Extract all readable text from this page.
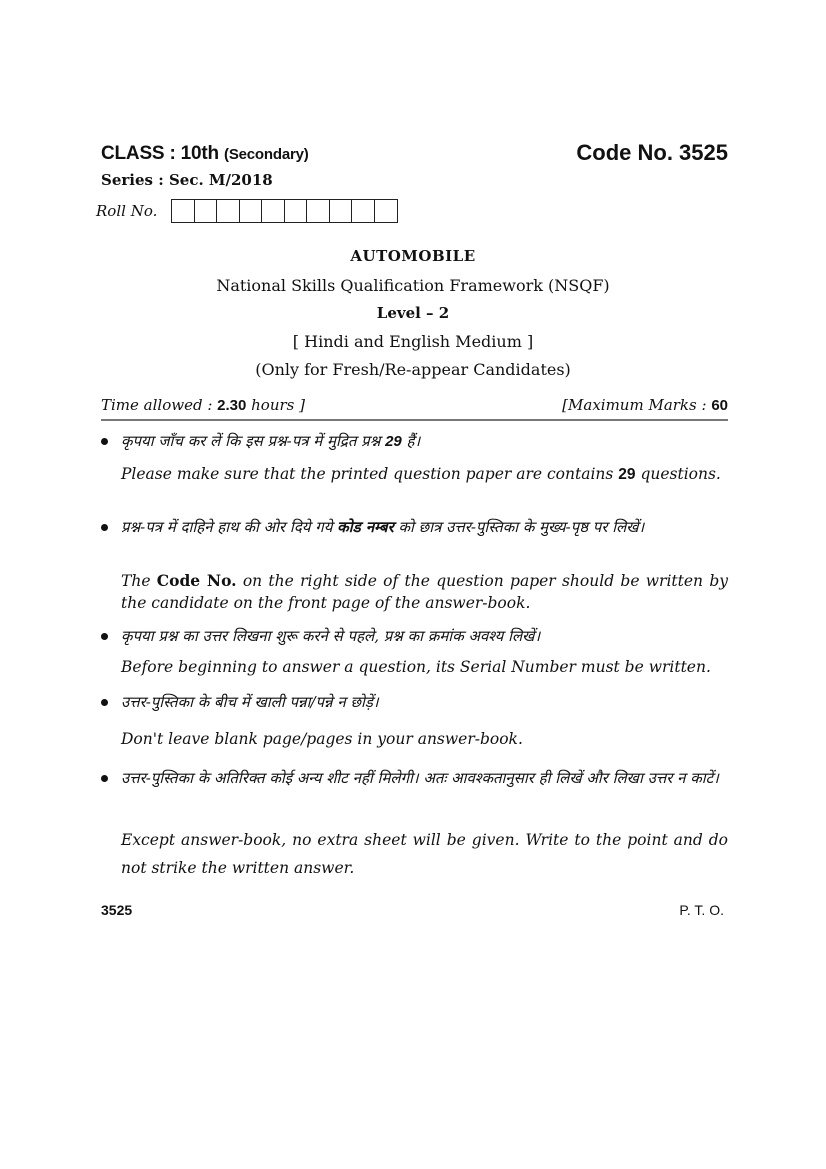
CLASS : 10th (Secondary)	Code No. 3525
Series : Sec. M/2018
Roll No.
AUTOMOBILE
National Skills Qualification Framework (NSQF)
Level – 2
[ Hindi and English Medium ]
(Only for Fresh/Re-appear Candidates)
Time allowed : 2.30 hours ]	[Maximum Marks : 60
कृपया जाँच कर लें कि इस प्रश्न-पत्र में मुद्रित प्रश्न 29 हैं।
Please make sure that the printed question paper are contains 29 questions.
प्रश्न-पत्र में दाहिने हाथ की ओर दिये गये कोड नम्बर को छात्र उत्तर-पुस्तिका के मुख्य-पृष्ठ पर लिखें।
The Code No. on the right side of the question paper should be written by the candidate on the front page of the answer-book.
कृपया प्रश्न का उत्तर लिखना शुरू करने से पहले, प्रश्न का क्रमांक अवश्य लिखें।
Before beginning to answer a question, its Serial Number must be written.
उत्तर-पुस्तिका के बीच में खाली पन्ना/पन्ने न छोड़ें।
Don't leave blank page/pages in your answer-book.
उत्तर-पुस्तिका के अतिरिक्त कोई अन्य शीट नहीं मिलेगी। अतः आवश्कतानुसार ही लिखें और लिखा उत्तर न काटें।
Except answer-book, no extra sheet will be given. Write to the point and do not strike the written answer.
3525	P. T. O.
